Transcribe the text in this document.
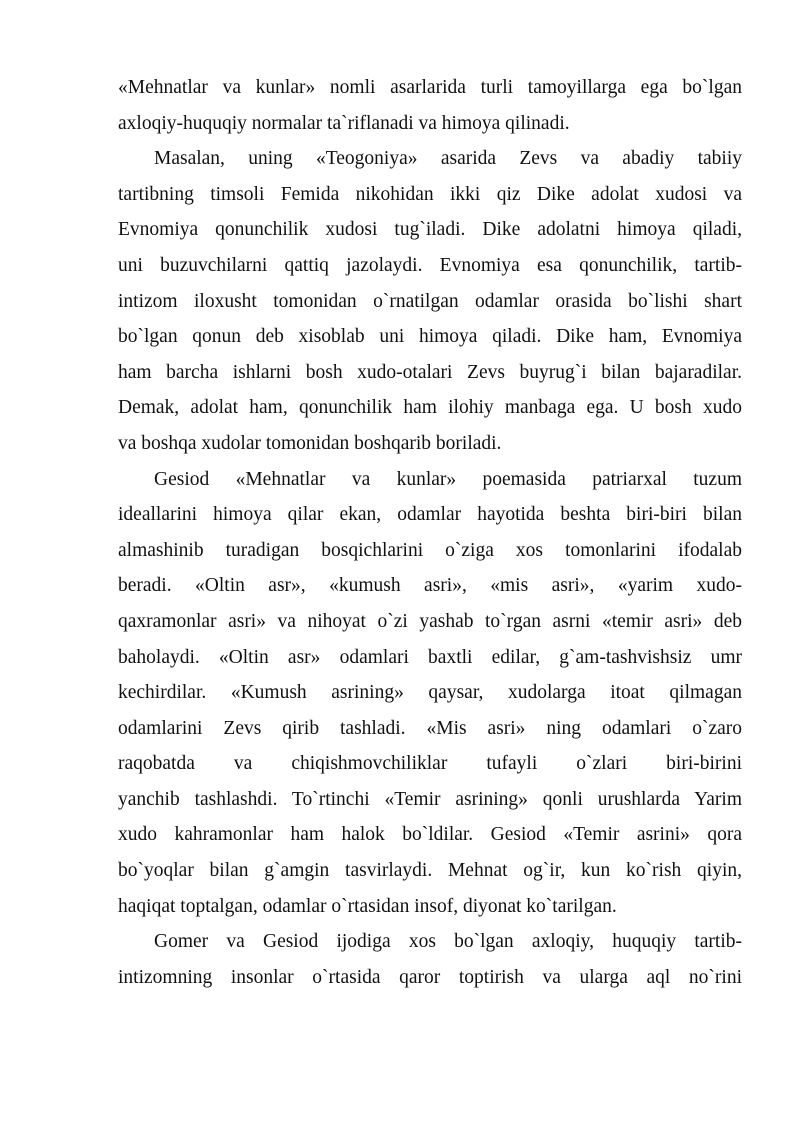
«Mehnatlar va kunlar» nomli asarlarida turli tamoyillarga ega bo`lgan
axloqiy-huquqiy normalar ta`riflanadi va himoya qilinadi.
Masalan, uning «Teogoniya» asarida Zevs va abadiy tabiiy
tartibning timsoli Femida nikohidan ikki qiz Dike adolat xudosi va
Evnomiya qonunchilik xudosi tug`iladi. Dike adolatni himoya qiladi,
uni buzuvchilarni qattiq jazolaydi. Evnomiya esa qonunchilik, tartib-
intizom iloxusht tomonidan o`rnatilgan odamlar orasida bo`lishi shart
bo`lgan qonun deb xisoblab uni himoya qiladi. Dike ham, Evnomiya
ham barcha ishlarni bosh xudo-otalari Zevs buyrug`i bilan bajaradilar.
Demak, adolat ham, qonunchilik ham ilohiy manbaga ega. U bosh xudo
va boshqa xudolar tomonidan boshqarib boriladi.
Gesiod «Mehnatlar va kunlar» poemasida patriarxal tuzum
ideallarini himoya qilar ekan, odamlar hayotida beshta biri-biri bilan
almashinib turadigan bosqichlarini o`ziga xos tomonlarini ifodalab
beradi. «Oltin asr», «kumush asri», «mis asri», «yarim xudo-
qaxramonlar asri» va nihoyat o`zi yashab to`rgan asrni «temir asri» deb
baholaydi. «Oltin asr» odamlari baxtli edilar, g`am-tashvishsiz umr
kechirdilar. «Kumush asrining» qaysar, xudolarga itoat qilmagan
odamlarini Zevs qirib tashladi. «Mis asri» ning odamlari o`zaro
raqobatda va chiqishmovchiliklar tufayli o`zlari biri-birini
yanchib tashlashdi. To`rtinchi «Temir asrining» qonli urushlarda Yarim
xudo kahramonlar ham halok bo`ldilar. Gesiod «Temir asrini» qora
bo`yoqlar bilan g`amgin tasvirlaydi. Mehnat og`ir, kun ko`rish qiyin,
haqiqat toptalgan, odamlar o`rtasidan insof, diyonat ko`tarilgan.
Gomer va Gesiod ijodiga xos bo`lgan axloqiy, huquqiy tartib-
intizomning insonlar o`rtasida qaror toptirish va ularga aql no`rini
